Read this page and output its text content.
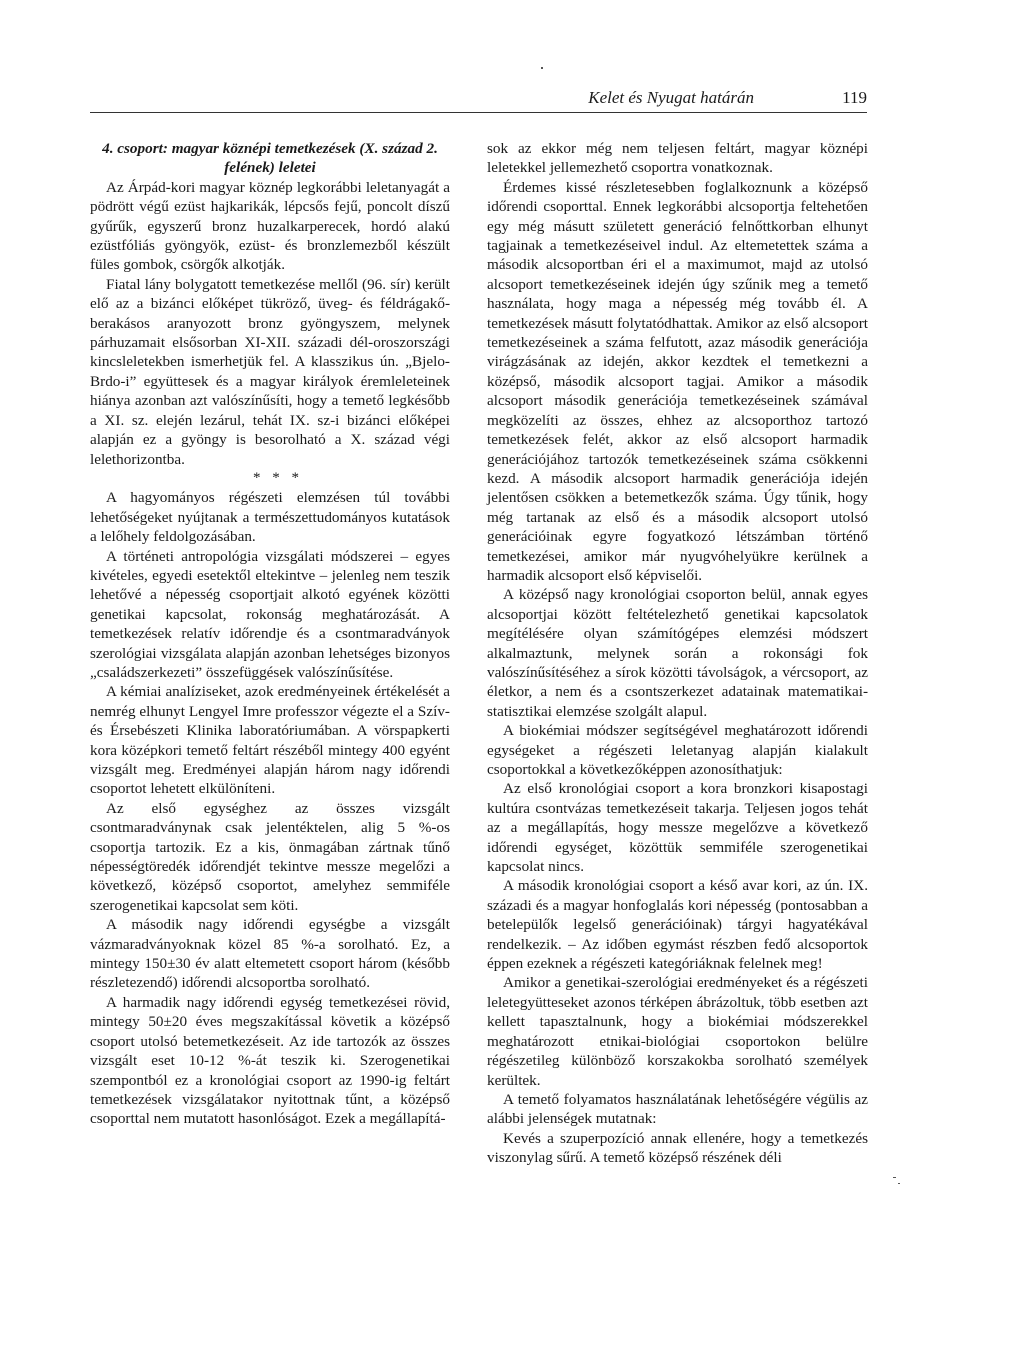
Kelet és Nyugat határán	119

4. csoport: magyar köznépi temetkezések (X. század 2. felének) leletei

Az Árpád-kori magyar köznép legkorábbi leletanyagát a pödrött végű ezüst hajkarikák, lépcsős fejű, poncolt díszű gyűrűk, egyszerű bronz huzalkarperecek, hordó alakú ezüstfóliás gyöngyök, ezüst- és bronzlemezből készült füles gombok, csörgők alkotják.

Fiatal lány bolygatott temetkezése mellől (96. sír) került elő az a bizánci előképet tükröző, üveg- és féldrágakő-berakásos aranyozott bronz gyöngyszem, melynek párhuzamait elsősorban XI-XII. századi dél-oroszországi kincsleletekben ismerhetjük fel. A klasszikus ún. „Bjelo-Brdo-i” együttesek és a magyar királyok éremleleteinek hiánya azonban azt valószínűsíti, hogy a temető legkésőbb a XI. sz. elején lezárul, tehát IX. sz-i bizánci előképei alapján ez a gyöngy is besorolható a X. század végi lelethorizontba.

* * *

A hagyományos régészeti elemzésen túl további lehetőségeket nyújtanak a természettudományos kutatások a lelőhely feldolgozásában.

A történeti antropológia vizsgálati módszerei – egyes kivételes, egyedi esetektől eltekintve – jelenleg nem teszik lehetővé a népesség csoportjait alkotó egyének közötti genetikai kapcsolat, rokonság meghatározását. A temetkezések relatív időrendje és a csontmaradványok szerológiai vizsgálata alapján azonban lehetséges bizonyos „családszerkezeti” összefüggések valószínűsítése.

A kémiai analíziseket, azok eredményeinek értékelését a nemrég elhunyt Lengyel Imre professzor végezte el a Szív- és Érsebészeti Klinika laboratóriumában. A vörspapkerti kora középkori temető feltárt részéből mintegy 400 egyént vizsgált meg. Eredményei alapján három nagy időrendi csoportot lehetett elkülöníteni.

Az első egységhez az összes vizsgált csontmaradványnak csak jelentéktelen, alig 5 %-os csoportja tartozik. Ez a kis, önmagában zártnak tűnő népességtöredék időrendjét tekintve messze megelőzi a következő, középső csoportot, amelyhez semmiféle szerogenetikai kapcsolat sem köti.

A második nagy időrendi egységbe a vizsgált vázmaradványoknak közel 85 %-a sorolható. Ez, a mintegy 150±30 év alatt eltemetett csoport három (később részletezendő) időrendi alcsoportba sorolható.

A harmadik nagy időrendi egység temetkezései rövid, mintegy 50±20 éves megszakítással követik a középső csoport utolsó betemetkezéseit. Az ide tartozók az összes vizsgált eset 10-12 %-át teszik ki. Szerogenetikai szempontból ez a kronológiai csoport az 1990-ig feltárt temetkezések vizsgálatakor nyitottnak tűnt, a középső csoporttal nem mutatott hasonlóságot. Ezek a megállapítá-

sok az ekkor még nem teljesen feltárt, magyar köznépi leletekkel jellemezhető csoportra vonatkoznak.

Érdemes kissé részletesebben foglalkoznunk a középső időrendi csoporttal. Ennek legkorábbi alcsoportja feltehetően egy még másutt született generáció felnőttkorban elhunyt tagjainak a temetkezéseivel indul. Az eltemetettek száma a második alcsoportban éri el a maximumot, majd az utolsó alcsoport temetkezéseinek idején úgy szűnik meg a temető használata, hogy maga a népesség még tovább él. A temetkezések másutt folytatódhattak. Amikor az első alcsoport temetkezéseinek a száma felfutott, azaz második generációja virágzásának az idején, akkor kezdtek el temetkezni a középső, második alcsoport tagjai. Amikor a második alcsoport második generációja temetkezéseinek számával megközelíti az összes, ehhez az alcsoporthoz tartozó temetkezések felét, akkor az első alcsoport harmadik generációjához tartozók temetkezéseinek száma csökkenni kezd. A második alcsoport harmadik generációja idején jelentősen csökken a betemetkezők száma. Úgy tűnik, hogy még tartanak az első és a második alcsoport utolsó generációinak egyre fogyatkozó létszámban történő temetkezései, amikor már nyugvóhelyükre kerülnek a harmadik alcsoport első képviselői.

A középső nagy kronológiai csoporton belül, annak egyes alcsoportjai között feltételezhető genetikai kapcsolatok megítélésére olyan számítógépes elemzési módszert alkalmaztunk, melynek során a rokonsági fok valószínűsítéséhez a sírok közötti távolságok, a vércsoport, az életkor, a nem és a csontszerkezet adatainak matematikai-statisztikai elemzése szolgált alapul.

A biokémiai módszer segítségével meghatározott időrendi egységeket a régészeti leletanyag alapján kialakult csoportokkal a következőképpen azonosíthatjuk:

Az első kronológiai csoport a kora bronzkori kisapostagi kultúra csontvázas temetkezéseit takarja. Teljesen jogos tehát az a megállapítás, hogy messze megelőzve a következő időrendi egységet, közöttük semmiféle szerogenetikai kapcsolat nincs.

A második kronológiai csoport a késő avar kori, az ún. IX. századi és a magyar honfoglalás kori népesség (pontosabban a betelepülők legelső generációinak) tárgyi hagyatékával rendelkezik. – Az időben egymást részben fedő alcsoportok éppen ezeknek a régészeti kategóriáknak felelnek meg!

Amikor a genetikai-szerológiai eredményeket és a régészeti leletegyütteseket azonos térképen ábrázoltuk, több esetben azt kellett tapasztalnunk, hogy a biokémiai módszerekkel meghatározott etnikai-biológiai csoportokon belülre régészetileg különböző korszakokba sorolható személyek kerültek.

A temető folyamatos használatának lehetőségére végülis az alábbi jelenségek mutatnak:

Kevés a szuperpozíció annak ellenére, hogy a temetkezés viszonylag sűrű. A temető középső részének déli
